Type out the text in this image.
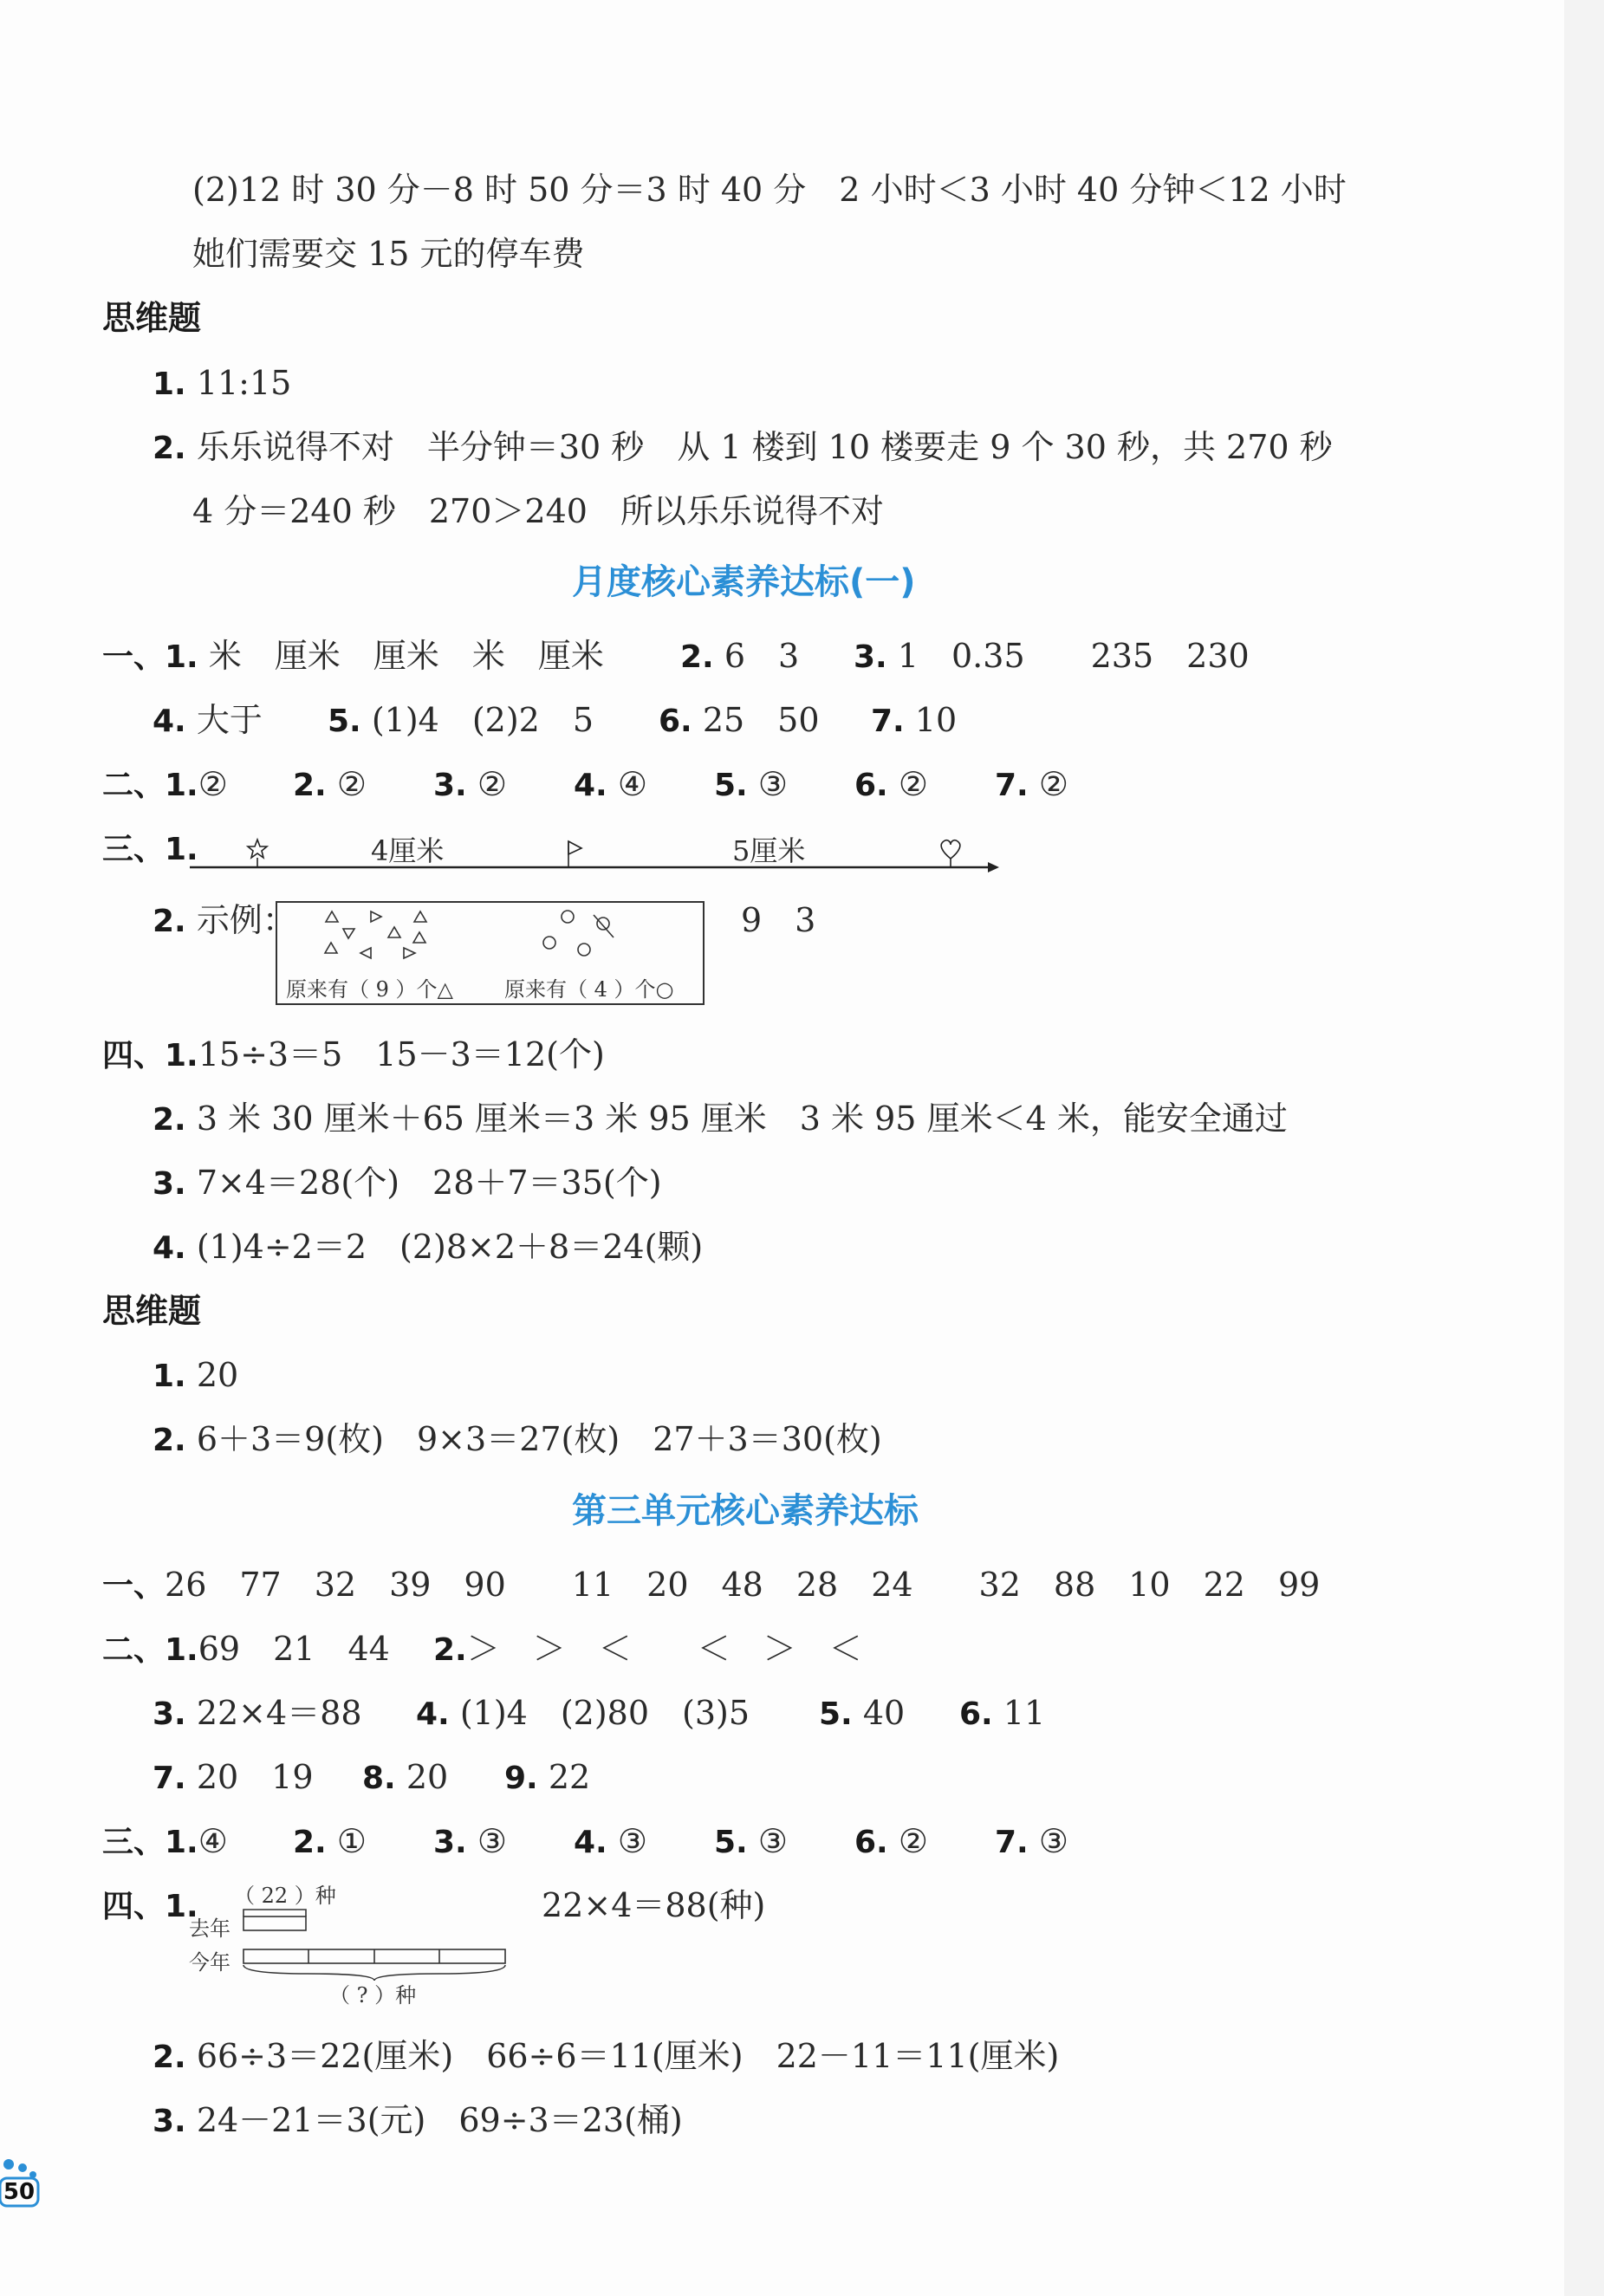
(2)12 时 30 分－8 时 50 分＝3 时 40 分　2 小时＜3 小时 40 分钟＜12 小时
她们需要交 15 元的停车费
思维题
1. 11:15
2. 乐乐说得不对　半分钟＝30 秒　从 1 楼到 10 楼要走 9 个 30 秒，共 270 秒
4 分＝240 秒　270＞240　所以乐乐说得不对
月度核心素养达标(一)
一、1. 米　厘米　厘米　米　厘米 2. 6　3 3. 1　0.35　　235　230
4. 大于 5. (1)4　(2)2　5 6. 25　50 7. 10
二、1.② 2. ② 3. ② 4. ④ 5. ③ 6. ② 7. ②
三、1.	4厘米	5厘米
2. 示例：
原来有（ 9 ）个△ 原来有（ 4 ）个○
9　3
四、1.15÷3＝5　15－3＝12(个)
2. 3 米 30 厘米＋65 厘米＝3 米 95 厘米　3 米 95 厘米＜4 米，能安全通过
3. 7×4＝28(个)　28＋7＝35(个)
4. (1)4÷2＝2　(2)8×2＋8＝24(颗)
思维题
1. 20
2. 6＋3＝9(枚)　9×3＝27(枚)　27＋3＝30(枚)
第三单元核心素养达标
一、26　77　32　39　90　　11　20　48　28　24　　32　88　10　22　99
二、1.69　21　44 2.＞　＞　＜　　＜　＞　＜
3. 22×4＝88 4. (1)4　(2)80　(3)5 5. 40 6. 11
7. 20　19 8. 20 9. 22
三、1.④ 2. ① 3. ③ 4. ③ 5. ③ 6. ② 7. ③
四、1. （ 22 ）种
去年
今年
（ ? ）种
22×4＝88(种)
2. 66÷3＝22(厘米)　66÷6＝11(厘米)　22－11＝11(厘米)
3. 24－21＝3(元)　69÷3＝23(桶)
50
